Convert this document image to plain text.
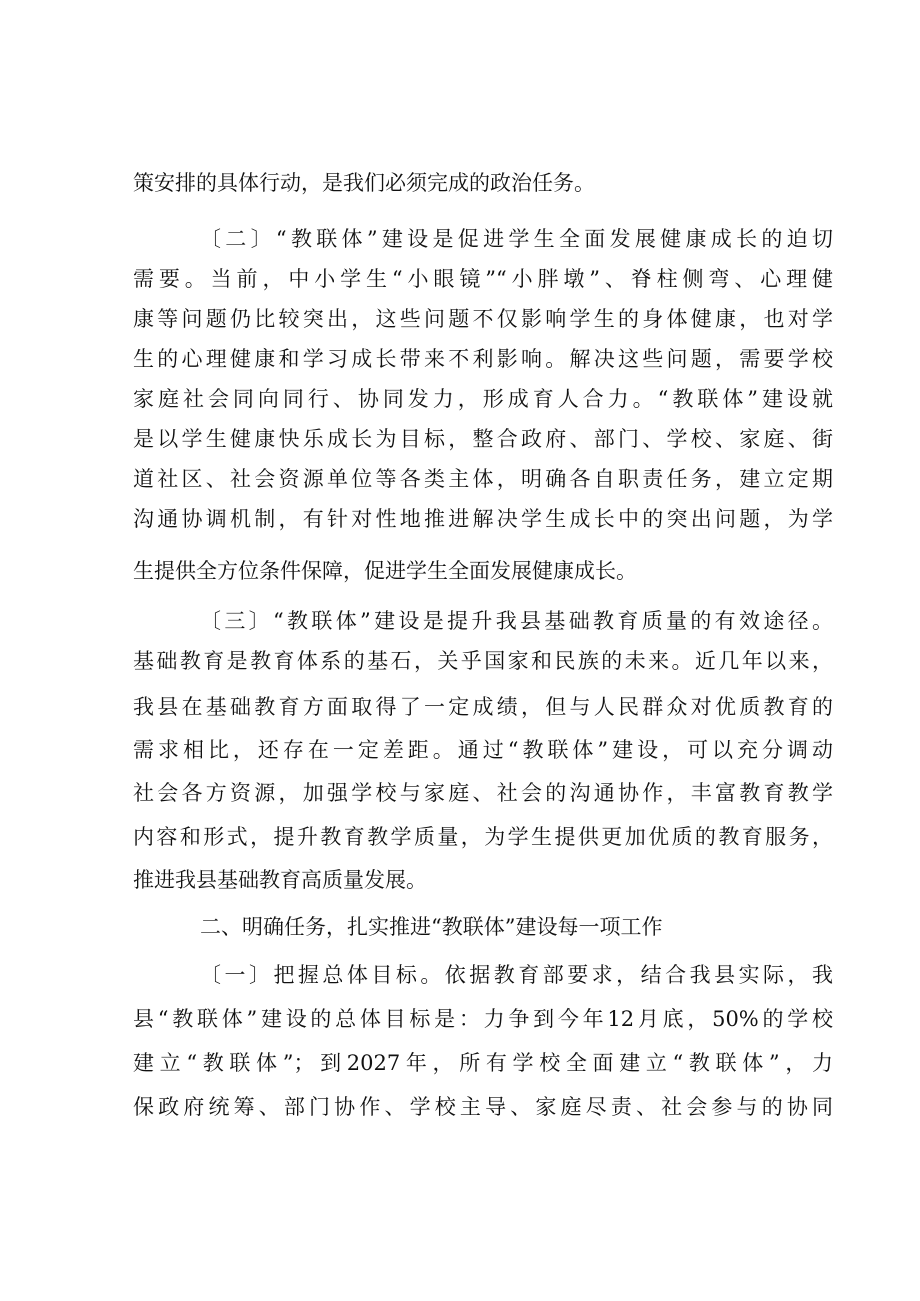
策安排的具体行动，是我们必须完成的政治任务。
〔二〕“教联体”建设是促进学生全面发展健康成长的迫切
需要。当前，中小学生“小眼镜”“小胖墩”、脊柱侧弯、心理健
康等问题仍比较突出，这些问题不仅影响学生的身体健康，也对学
生的心理健康和学习成长带来不利影响。解决这些问题，需要学校
家庭社会同向同行、协同发力，形成育人合力。“教联体”建设就
是以学生健康快乐成长为目标，整合政府、部门、学校、家庭、街
道社区、社会资源单位等各类主体，明确各自职责任务，建立定期
沟通协调机制，有针对性地推进解决学生成长中的突出问题，为学
生提供全方位条件保障，促进学生全面发展健康成长。
〔三〕“教联体”建设是提升我县基础教育质量的有效途径。
基础教育是教育体系的基石，关乎国家和民族的未来。近几年以来，
我县在基础教育方面取得了一定成绩，但与人民群众对优质教育的
需求相比，还存在一定差距。通过“教联体”建设，可以充分调动
社会各方资源，加强学校与家庭、社会的沟通协作，丰富教育教学
内容和形式，提升教育教学质量，为学生提供更加优质的教育服务，
推进我县基础教育高质量发展。
二、明确任务，扎实推进“教联体”建设每一项工作
〔一〕把握总体目标。依据教育部要求，结合我县实际，我
县“教联体”建设的总体目标是：力争到今年12月底，50%的学校
建立“教联体”；到2027年，所有学校全面建立“教联体”，力
保政府统筹、部门协作、学校主导、家庭尽责、社会参与的协同
